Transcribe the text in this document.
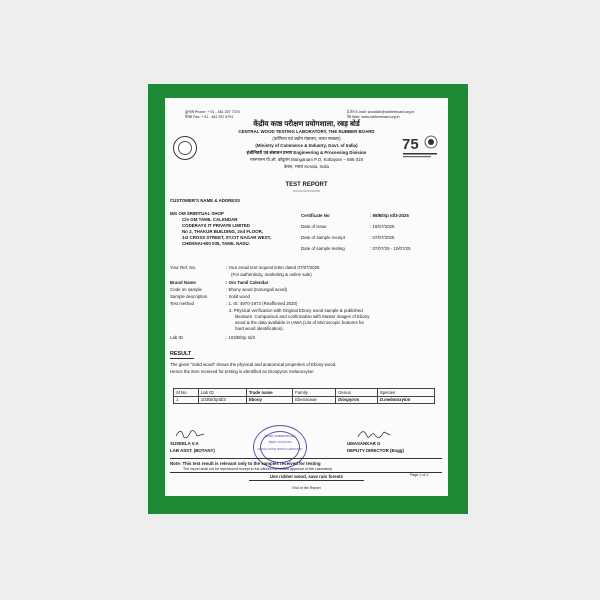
दूरभाष Phone: + 91 - 481 257 7376
फैक्स Fax: + 91 - 481 257 6791
ई-मेल E-mail: woodlab@rubberboard.org.in
वेब Web: www.rubberboard.org.in
75
केंद्रीय काष्ठ परीक्षण प्रयोगशाला, रबड़ बोर्ड
CENTRAL WOOD TESTING LABORATORY, THE RUBBER BOARD
(वाणिज्य एवं उद्योग मंत्रालय, भारत सरकार)
(Ministry of Commerce & Industry, Govt. of India)
इंजीनियरी एवं संसाधन प्रभाग Engineering & Processing Division
मानगानम पी.ओ. कोट्टयम Manganam P.O, Kottayam – 686 018
केरल, भारत Kerala, India
TEST REPORT
=============
CUSTOMER'S NAME & ADDRESS
M/s OM SRIRITUAL SHOP
C/o OM TAMIL CALENDAR
CODERAYS IT PRIVATE LIMITED
No 2, THAKUR BUILDING, 2nd FLOOR,
1st CROSS STREET, ST.CIT NAGAR WEST,
CHENNAI-600 035, TAMIL NADU.
Certificate No	: 98/B/Sp Id/3-2025
Date of issue	: 10/07/2025
Date of sample receipt	: 07/07/2025
Date of sample testing	: 07/07/25 - 10/07/25
Your Ref. No.	: Your email test request letter dated 07/07/2025
(For authenticity, marketing & online sale)
Brand Name	: Om Tamil Calendar
Code on sample	: Ebony wood (Karungali wood)
Sample description	: Solid wood
Test method	: 1. IS: 4970-1973 (Reaffirmed 2020)
2. Physical verification with Original Ebony wood sample & published
literature. Comparison and confirmation with Master images of Ebony
wood & the data available in IAWA (List of Microscopic features for
hard wood identification).
Lab ID	: 103/B/Sp Id/3
RESULT
The given "Solid wood" shows the physical and anatomical properties of Ebony wood.
Hence the item received for testing is identified as Diospyros melanoxylon
Sl No	Lab ID	Trade name	Family	Genus	Species
1	103/B/SpId/3	Ebony	Ebenaceae	Diospyros	D.melanoxylon
SUSEELA V.A
LAB ASST. (BOTANY)
UMASANKAR G
DEPUTY DIRECTOR (Engg)
रबड़ बोर्ड / RUBBER BOARD
कोट्टयम / KOTTAYAM
CENTRAL WOOD TESTING LABORATORY
Note: This test result is relevant only to the samples received for testing
The report shall not be reproduced except in full without the written approval of the Laboratory
Use rubber wood, save rain forests
End of the Report
Page 1 of 1
